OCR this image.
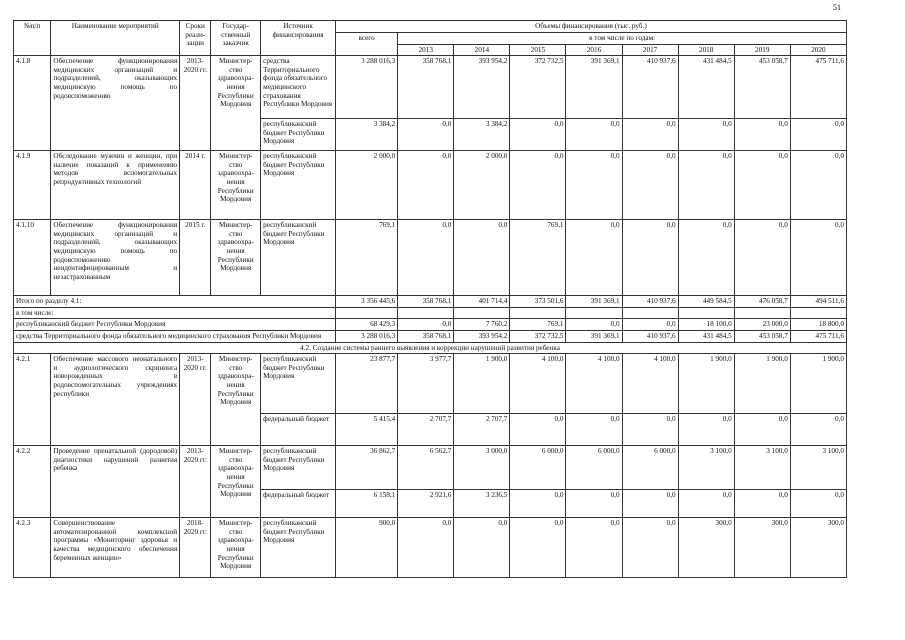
51
№п/п	Наименование мероприятий	Сроки реали-зации	Государ-ственный заказчик	Источник финансирования	Объемы финансирования (тыс. руб.)								
					всего	в том числе по годам:							
						2013	2014	2015	2016	2017	2018	2019	2020
4.1.8	Обеспечение функционирования медицинских организаций и подразделений, оказывающих медицинскую помощь по родовспоможению	2013-2020 гг.	Министер-ство здравоохра-нения Республики Мордовия	средства Территориального фонда обязательного медицинского страхования Республики Мордовия	3 288 016,3	358 768,1	393 954,2	372 732,5	391 369,1	410 937,6	431 484,5	453 058,7	475 711,6
				республиканский бюджет Республики Мордовия	3 384,2	0,0	3 384,2	0,0	0,0	0,0	0,0	0,0	0,0
4.1.9	Обследование мужчин и женщин, при наличие показаний к применению методов вспомогательных репродуктивных технологий	2014 г.	Министер-ство здравоохра-нения Республики Мордовия	республиканский бюджет Республики Мордовия	2 000,0	0,0	2 000,0	0,0	0,0	0,0	0,0	0,0	0,0
4.1.10	Обеспечение функционирования медицинских организаций и подразделений, оказывающих медицинскую помощь по родовспоможению неидентифицированным и незастрахованным	2015 г.	Министер-ство здравоохра-нения Республики Мордовия	республиканский бюджет Республики Мордовия	769,1	0,0	0,0	769,1	0,0	0,0	0,0	0,0	0,0
Итого по разделу 4.1:					3 356 445,6	358 768,1	401 714,4	373 501,6	391 369,1	410 937,6	449 584,5	476 058,7	494 511,6
в том числе:													
республиканский бюджет Республики Мордовия					68 429,3	0,0	7 760,2	769,1	0,0	0,0	18 100,0	23 000,0	18 800,0
средства Территориального фонда обязательного медицинского страхования Республики Мордовия					3 288 016,3	358 768,1	393 954,2	372 732,5	391 369,1	410 937,6	431 484,5	453 058,7	475 711,6
4.2. Создание системы раннего выявления и коррекции нарушений развития ребенка													
4.2.1	Обеспечение массового неонатального и аудиологического скрининга новорожденных в родовспомогательных учреждениях республики	2013-2020 гг.	Министер-ство здравоохра-нения Республики Мордовия	республиканский бюджет Республики Мордовия	23 877,7	3 977,7	1 900,0	4 100,0	4 100,0	4 100,0	1 900,0	1 900,0	1 900,0
				федеральный бюджет	5 415,4	2 707,7	2 707,7	0,0	0,0	0,0	0,0	0,0	0,0
4.2.2	Проведение пренатальной (дородовой) диагностики нарушений развития ребенка	2013-2020 гг.	Министер-ство здравоохра-нения Республики Мордовия	республиканский бюджет Республики Мордовия	36 862,7	6 562,7	3 000,0	6 000,0	6 000,0	6 000,0	3 100,0	3 100,0	3 100,0
				федеральный бюджет	6 158,1	2 921,6	3 236,5	0,0	0,0	0,0	0,0	0,0	0,0
4.2.3	Совершенствование автоматизированной комплексной программы «Мониторинг здоровья и качества медицинского обеспечения беременных женщин»	2018-2020 гг.	Министер-ство здравоохра-нения Республики Мордовия	республиканский бюджет Республики Мордовия	900,0	0,0	0,0	0,0	0,0	0,0	300,0	300,0	300,0
